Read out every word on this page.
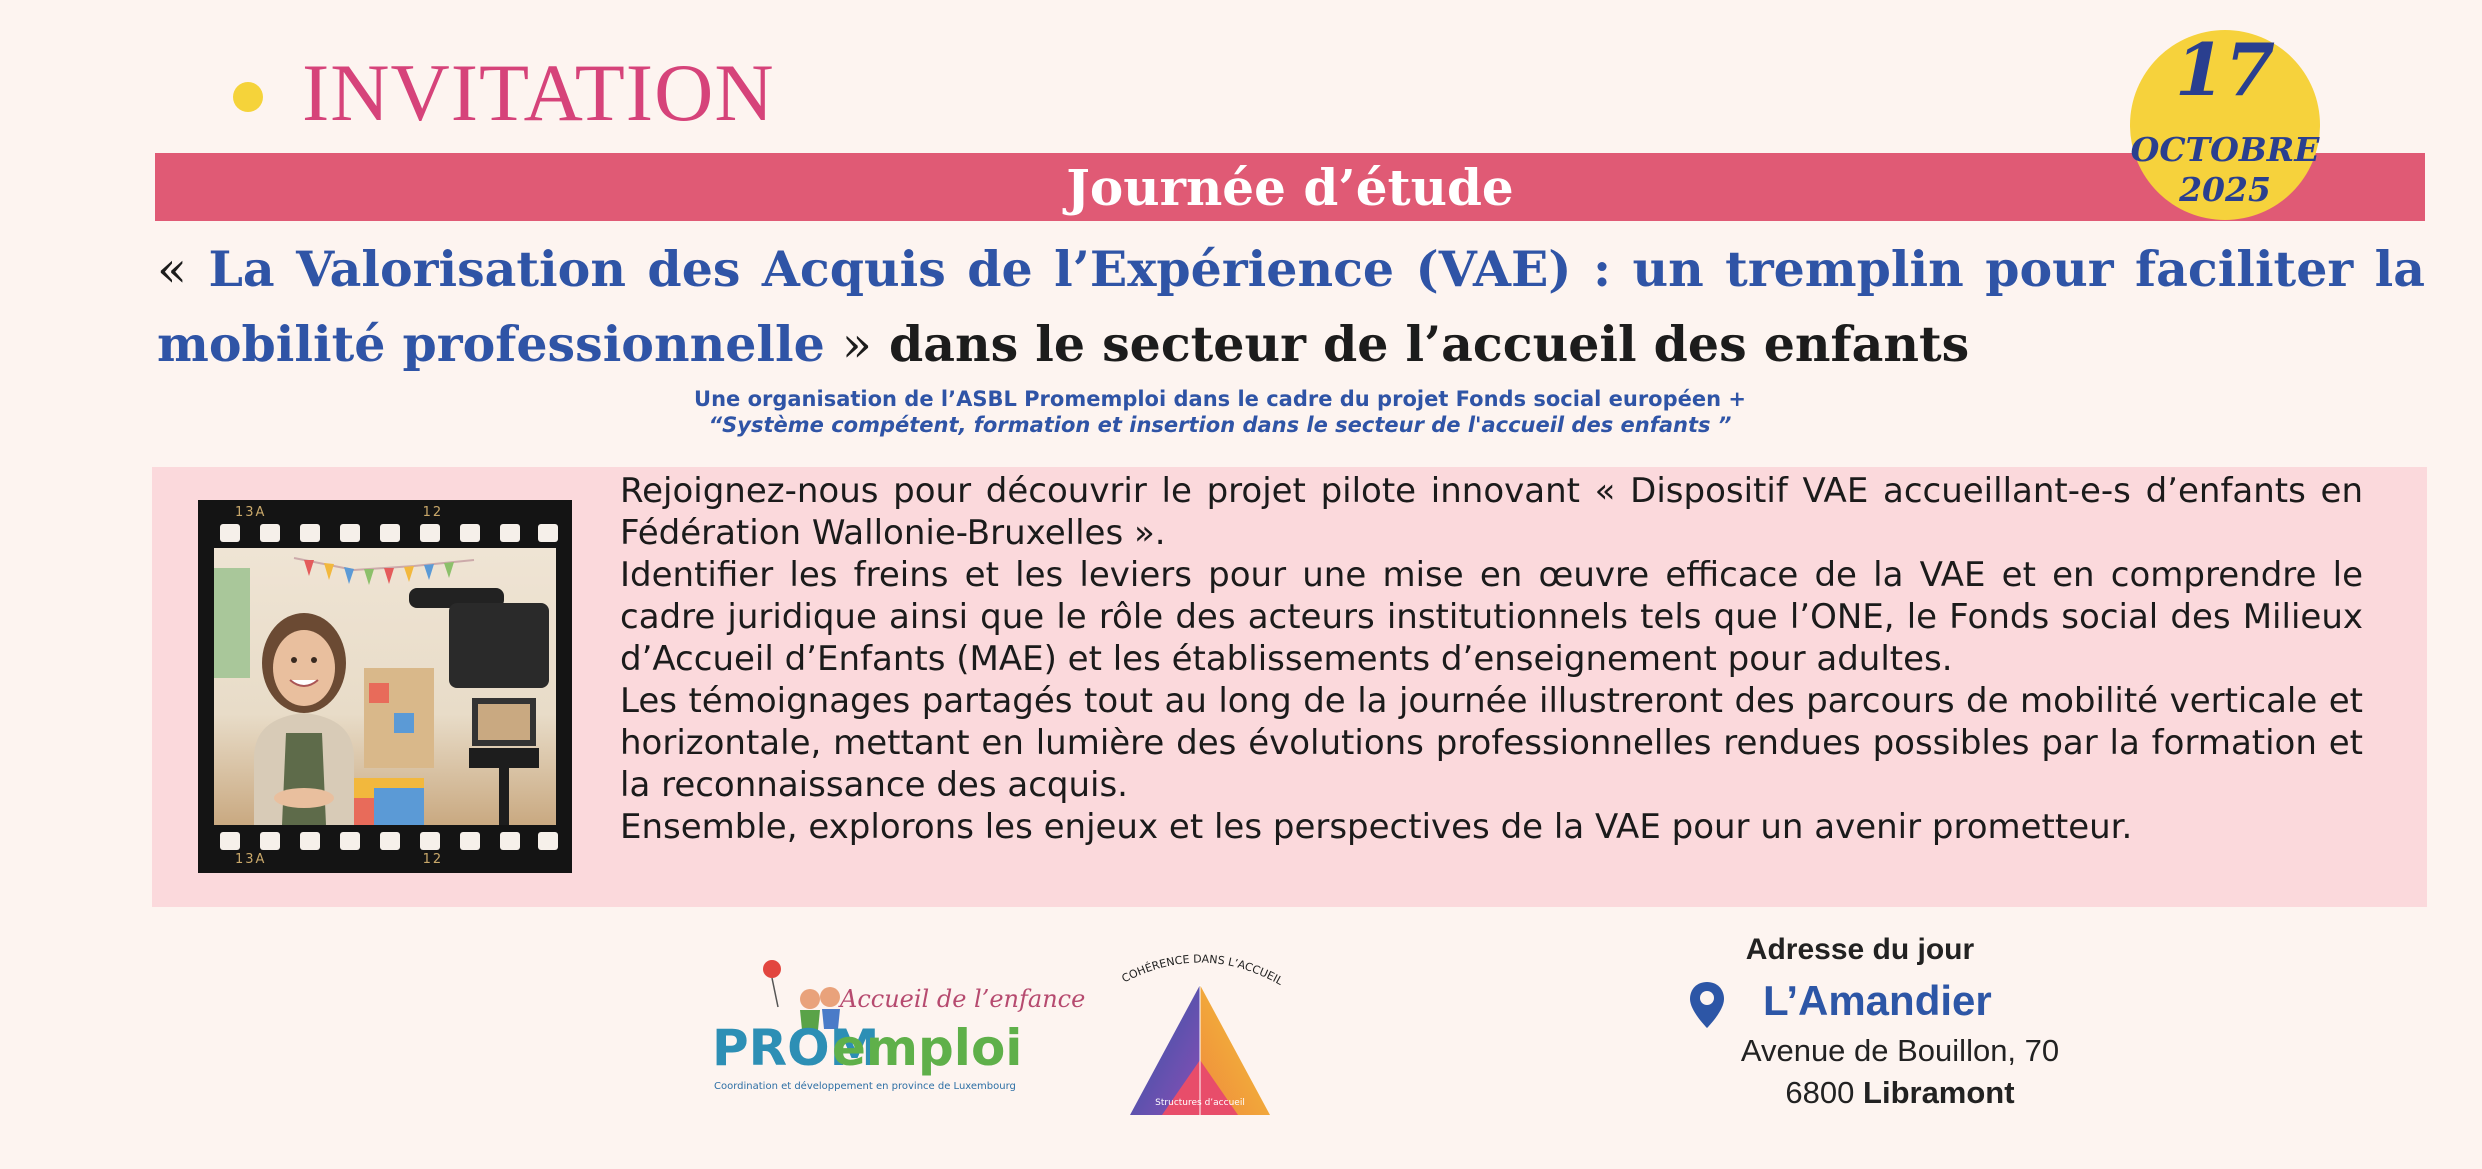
INVITATION
Journée d’étude
17
OCTOBRE
2025
« La Valorisation des Acquis de l’Expérience (VAE) : un tremplin pour faciliter la mobilité professionnelle » dans le secteur de l’accueil des enfants
Une organisation de l’ASBL Promemploi dans le cadre du projet Fonds social européen +
“Système compétent, formation et insertion dans le secteur de l'accueil des enfants ”
13A	12
13A	12

Rejoignez-nous pour découvrir le projet pilote innovant « Dispositif VAE accueillant-e-s d’enfants en Fédération Wallonie-Bruxelles ».

Identifier les freins et les leviers pour une mise en œuvre efficace de la VAE et en comprendre le cadre juridique ainsi que le rôle des acteurs institutionnels tels que l’ONE, le Fonds social des Milieux d’Accueil d’Enfants (MAE) et les établissements d’enseignement pour adultes.

Les témoignages partagés tout au long de la journée illustreront des parcours de mobilité verticale et horizontale, mettant en lumière des évolutions professionnelles rendues possibles par la formation et la reconnaissance des acquis.

Ensemble, explorons les enjeux et les perspectives de la VAE pour un avenir prometteur.

Accueil de l’enfance
PROM
emploi
Coordination et développement en province de Luxembourg
COHÉRENCE DANS L’ACCUEIL
Structures d’accueil
Adresse du jour
L’Amandier
Avenue de Bouillon, 70
6800 Libramont
